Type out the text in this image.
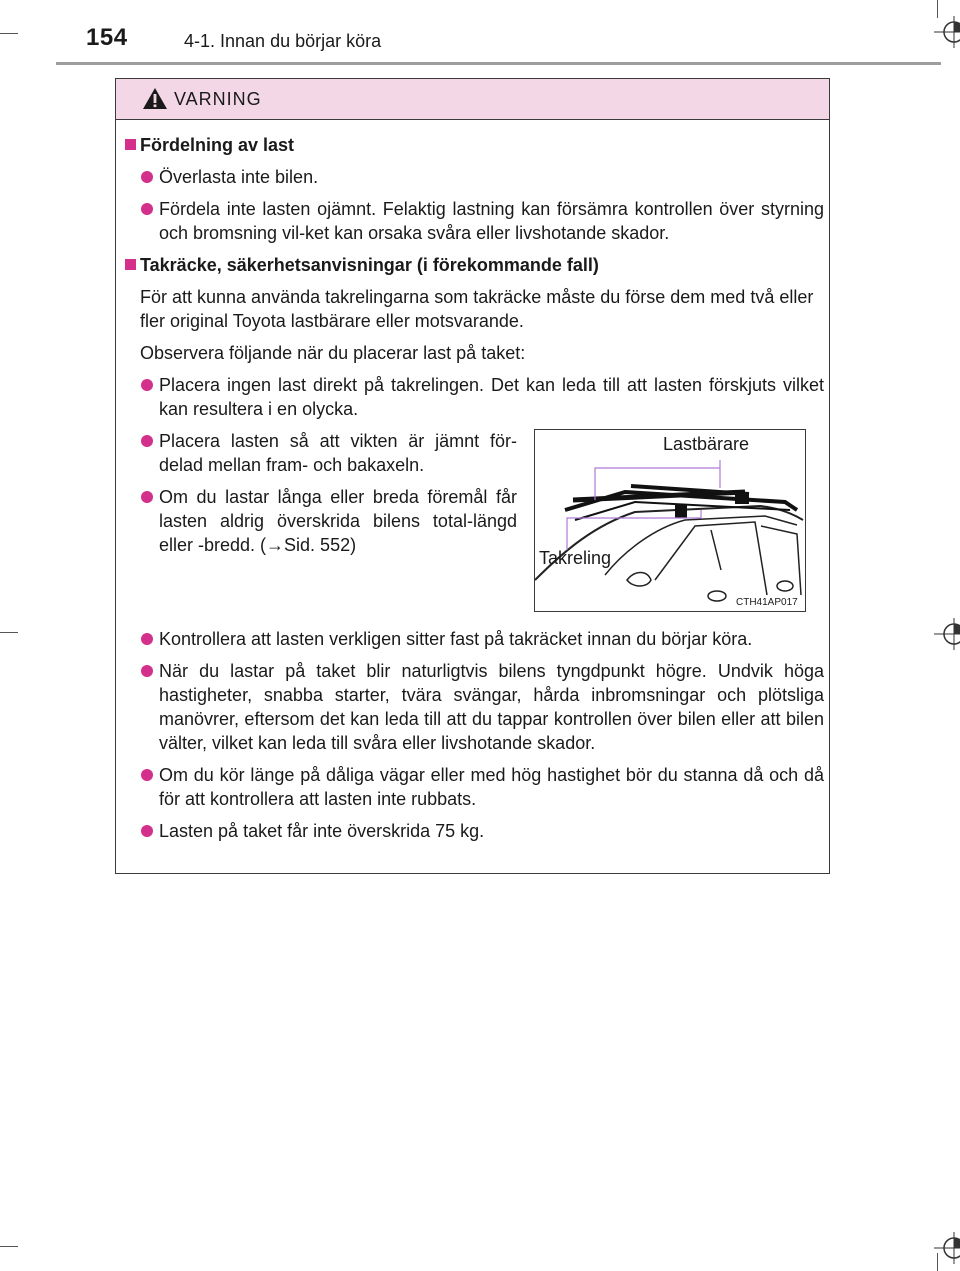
154	4-1. Innan du börjar köra
VARNING
Fördelning av last
Överlasta inte bilen.
Fördela inte lasten ojämnt. Felaktig lastning kan försämra kontrollen över styrning och bromsning vil-ket kan orsaka svåra eller livshotande skador.
Takräcke, säkerhetsanvisningar (i förekommande fall)
För att kunna använda takrelingarna som takräcke måste du förse dem med två eller fler original Toyota lastbärare eller motsvarande.
Observera följande när du placerar last på taket:
Placera ingen last direkt på takrelingen. Det kan leda till att lasten förskjuts vilket kan resultera i en olycka.
Placera lasten så att vikten är jämnt för-delad mellan fram- och bakaxeln.
Om du lastar långa eller breda föremål får lasten aldrig överskrida bilens total-längd eller -bredd. (→Sid. 552)
Lastbärare
Takreling
CTH41AP017
Kontrollera att lasten verkligen sitter fast på takräcket innan du börjar köra.
När du lastar på taket blir naturligtvis bilens tyngdpunkt högre. Undvik höga hastigheter, snabba starter, tvära svängar, hårda inbromsningar och plötsliga manövrer, eftersom det kan leda till att du tappar kontrollen över bilen eller att bilen välter, vilket kan leda till svåra eller livshotande skador.
Om du kör länge på dåliga vägar eller med hög hastighet bör du stanna då och då för att kontrollera att lasten inte rubbats.
Lasten på taket får inte överskrida 75 kg.
